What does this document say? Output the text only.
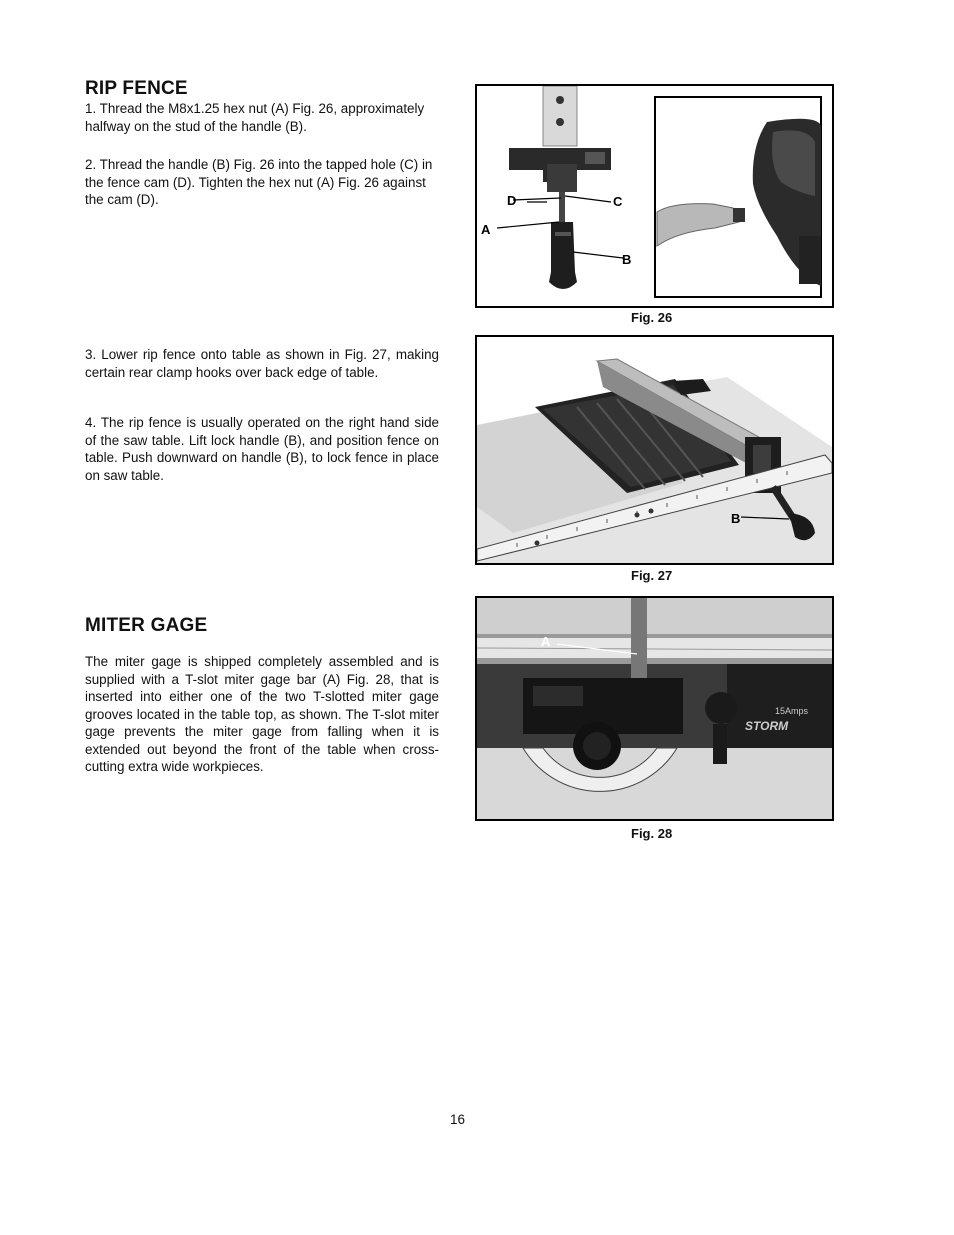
RIP FENCE

1. Thread the M8x1.25 hex nut (A) Fig. 26, approximately halfway on the stud of the handle (B).

2. Thread the handle (B) Fig. 26 into the tapped hole (C) in the fence cam (D). Tighten the hex nut (A) Fig. 26 against the cam (D).

3. Lower rip fence onto table as shown in Fig. 27, making certain rear clamp hooks over back edge of table.

4. The rip fence is usually operated on the right hand side of the saw table. Lift lock handle (B), and position fence on table. Push downward on handle (B), to lock fence in place on saw table.

MITER GAGE

The miter gage is shipped completely assembled and is supplied with a T-slot miter gage bar (A) Fig. 28, that is inserted into either one of the two T-slotted miter gage grooves located in the table top, as shown. The T-slot miter gage prevents the miter gage from falling when it is extended out beyond the front of the table when cross-cutting extra wide workpieces.

D	C
A
B
Fig. 26
B
Fig. 27
STORM
15Amps
A
Fig. 28
16
